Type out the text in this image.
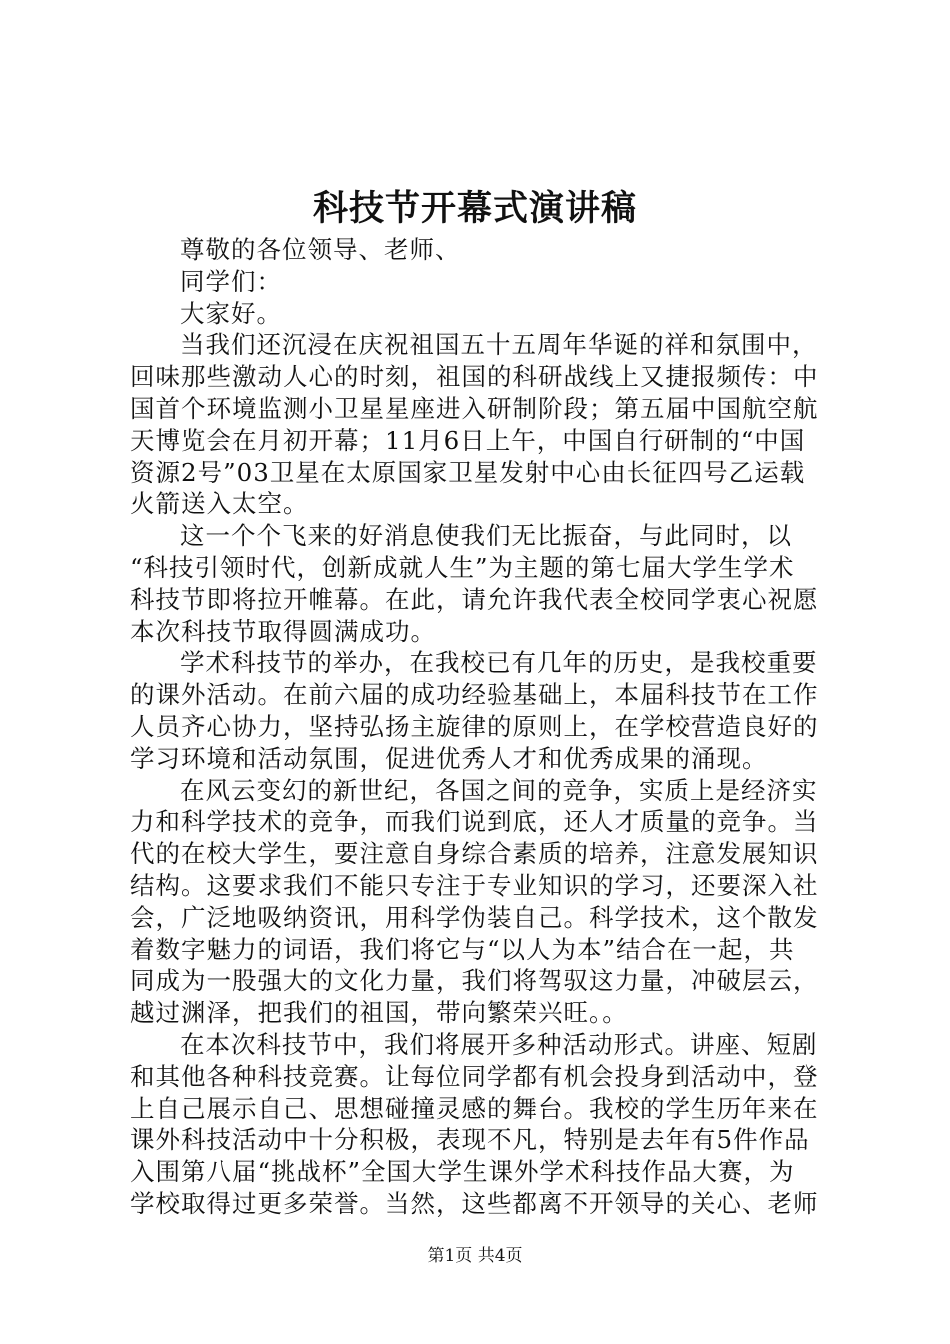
科技节开幕式演讲稿
尊敬的各位领导、老师、
同学们：
大家好。
当我们还沉浸在庆祝祖国五十五周年华诞的祥和氛围中，
回味那些激动人心的时刻，祖国的科研战线上又捷报频传：中
国首个环境监测小卫星星座进入研制阶段；第五届中国航空航
天博览会在月初开幕；11月6日上午，中国自行研制的“中国
资源2号”03卫星在太原国家卫星发射中心由长征四号乙运载
火箭送入太空。
这一个个飞来的好消息使我们无比振奋，与此同时，以
“科技引领时代，创新成就人生”为主题的第七届大学生学术
科技节即将拉开帷幕。在此，请允许我代表全校同学衷心祝愿
本次科技节取得圆满成功。
学术科技节的举办，在我校已有几年的历史，是我校重要
的课外活动。在前六届的成功经验基础上，本届科技节在工作
人员齐心协力，坚持弘扬主旋律的原则上，在学校营造良好的
学习环境和活动氛围，促进优秀人才和优秀成果的涌现。
在风云变幻的新世纪，各国之间的竞争，实质上是经济实
力和科学技术的竞争，而我们说到底，还人才质量的竞争。当
代的在校大学生，要注意自身综合素质的培养，注意发展知识
结构。这要求我们不能只专注于专业知识的学习，还要深入社
会，广泛地吸纳资讯，用科学伪装自己。科学技术，这个散发
着数字魅力的词语，我们将它与“以人为本”结合在一起，共
同成为一股强大的文化力量，我们将驾驭这力量，冲破层云，
越过渊泽，把我们的祖国，带向繁荣兴旺。。
在本次科技节中，我们将展开多种活动形式。讲座、短剧
和其他各种科技竞赛。让每位同学都有机会投身到活动中，登
上自己展示自己、思想碰撞灵感的舞台。我校的学生历年来在
课外科技活动中十分积极，表现不凡，特别是去年有5件作品
入围第八届“挑战杯”全国大学生课外学术科技作品大赛，为
学校取得过更多荣誉。当然，这些都离不开领导的关心、老师
第1页 共4页
